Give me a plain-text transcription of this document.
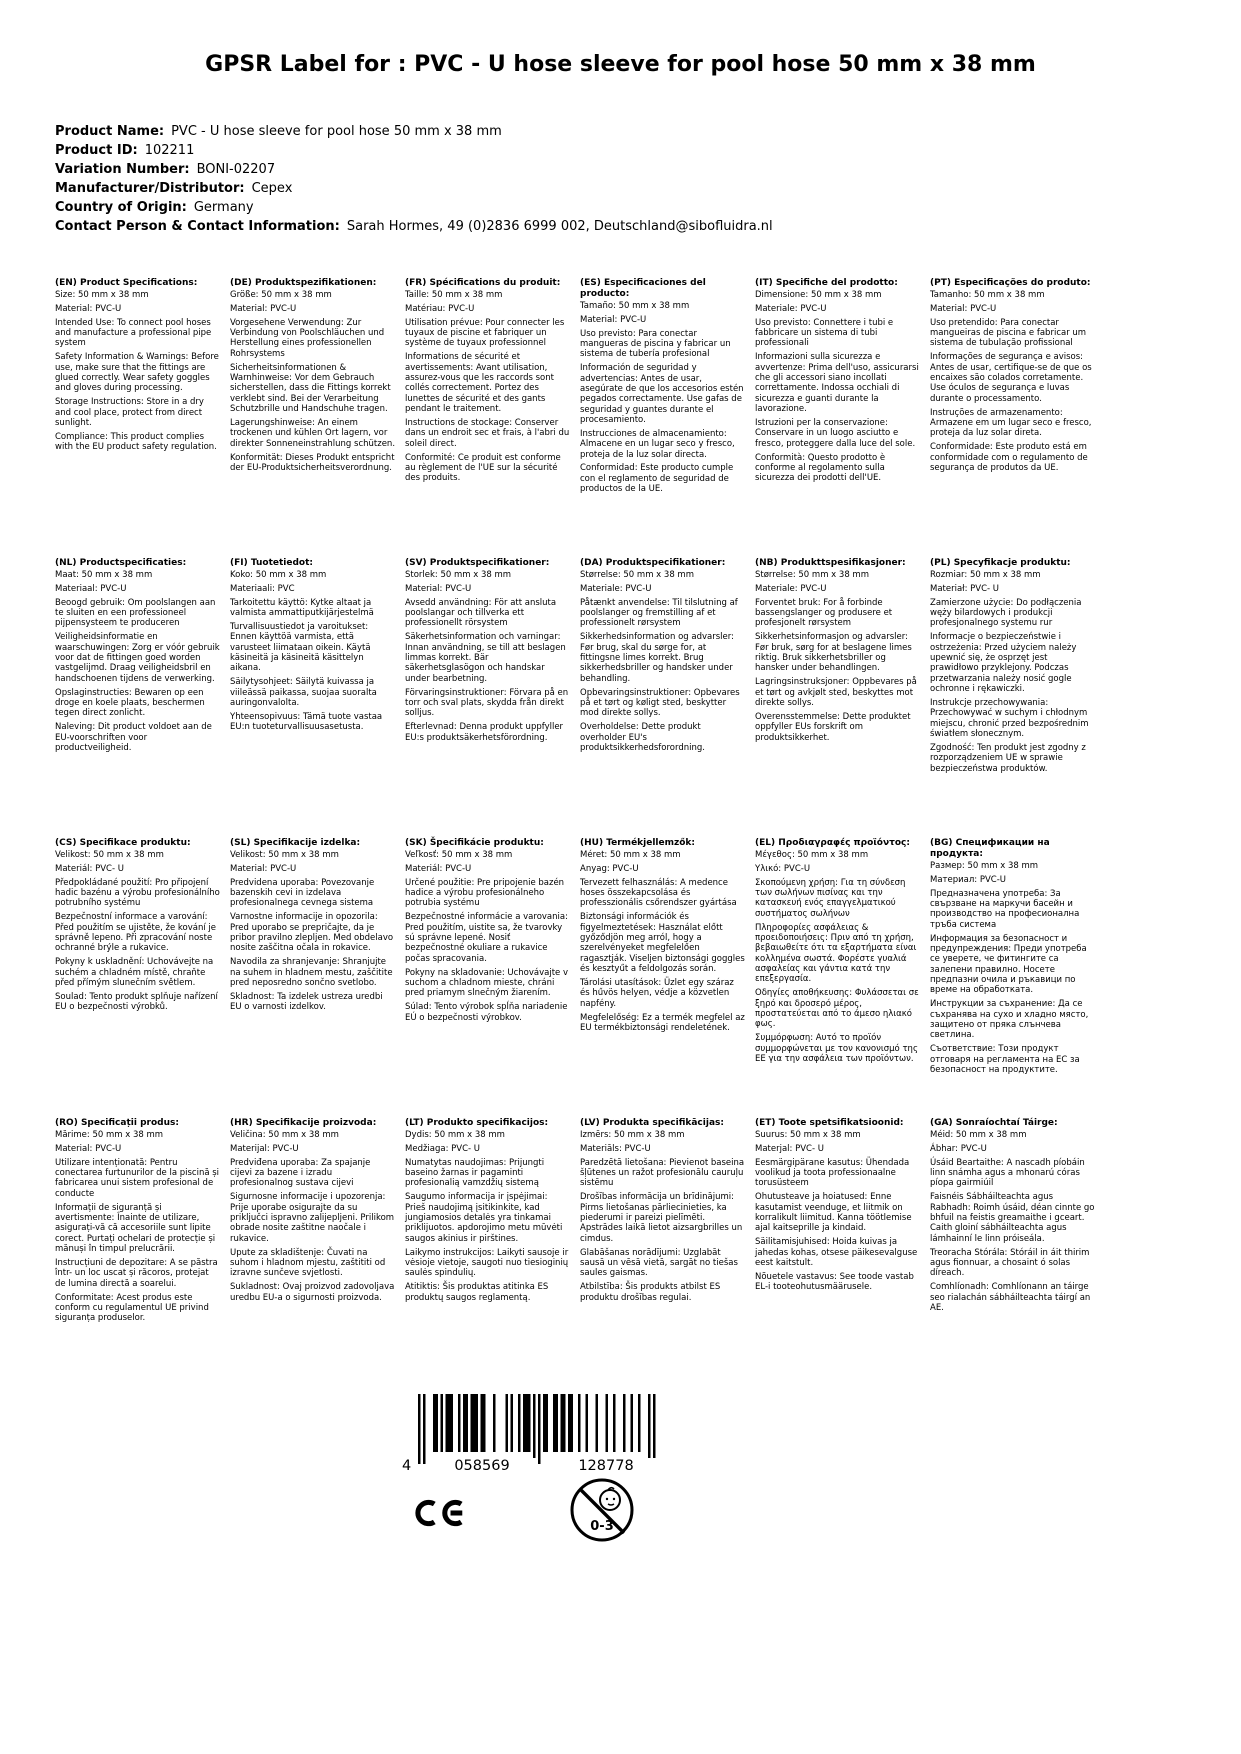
GPSR Label for : PVC - U hose sleeve for pool hose 50 mm x 38 mm
Product Name: PVC - U hose sleeve for pool hose 50 mm x 38 mm
Product ID: 102211
Variation Number: BONI-02207
Manufacturer/Distributor: Cepex
Country of Origin: Germany
Contact Person & Contact Information: Sarah Hormes, 49 (0)2836 6999 002, Deutschland@sibofluidra.nl
(EN) Product Specifications:

Size: 50 mm x 38 mm

Material: PVC-U

Intended Use: To connect pool hoses and manufacture a professional pipe system

Safety Information & Warnings: Before use, make sure that the fittings are glued correctly. Wear safety goggles and gloves during processing.

Storage Instructions: Store in a dry and cool place, protect from direct sunlight.

Compliance: This product complies with the EU product safety regulation.

(DE) Produktspezifikationen:

Größe: 50 mm x 38 mm

Material: PVC-U

Vorgesehene Verwendung: Zur Verbindung von Poolschläuchen und Herstellung eines professionellen Rohrsystems

Sicherheitsinformationen & Warnhinweise: Vor dem Gebrauch sicherstellen, dass die Fittings korrekt verklebt sind. Bei der Verarbeitung Schutzbrille und Handschuhe tragen.

Lagerungshinweise: An einem trockenen und kühlen Ort lagern, vor direkter Sonneneinstrahlung schützen.

Konformität: Dieses Produkt entspricht der EU-Produktsicherheitsverordnung.

(FR) Spécifications du produit:

Taille: 50 mm x 38 mm

Matériau: PVC-U

Utilisation prévue: Pour connecter les tuyaux de piscine et fabriquer un système de tuyaux professionnel

Informations de sécurité et avertissements: Avant utilisation, assurez-vous que les raccords sont collés correctement. Portez des lunettes de sécurité et des gants pendant le traitement.

Instructions de stockage: Conserver dans un endroit sec et frais, à l'abri du soleil direct.

Conformité: Ce produit est conforme au règlement de l'UE sur la sécurité des produits.

(ES) Especificaciones del producto:

Tamaño: 50 mm x 38 mm

Material: PVC-U

Uso previsto: Para conectar mangueras de piscina y fabricar un sistema de tubería profesional

Información de seguridad y advertencias: Antes de usar, asegúrate de que los accesorios estén pegados correctamente. Use gafas de seguridad y guantes durante el procesamiento.

Instrucciones de almacenamiento: Almacene en un lugar seco y fresco, proteja de la luz solar directa.

Conformidad: Este producto cumple con el reglamento de seguridad de productos de la UE.

(IT) Specifiche del prodotto:

Dimensione: 50 mm x 38 mm

Materiale: PVC-U

Uso previsto: Connettere i tubi e fabbricare un sistema di tubi professionali

Informazioni sulla sicurezza e avvertenze: Prima dell'uso, assicurarsi che gli accessori siano incollati correttamente. Indossa occhiali di sicurezza e guanti durante la lavorazione.

Istruzioni per la conservazione: Conservare in un luogo asciutto e fresco, proteggere dalla luce del sole.

Conformità: Questo prodotto è conforme al regolamento sulla sicurezza dei prodotti dell'UE.

(PT) Especificações do produto:

Tamanho: 50 mm x 38 mm

Material: PVC-U

Uso pretendido: Para conectar mangueiras de piscina e fabricar um sistema de tubulação profissional

Informações de segurança e avisos: Antes de usar, certifique-se de que os encaixes são colados corretamente. Use óculos de segurança e luvas durante o processamento.

Instruções de armazenamento: Armazene em um lugar seco e fresco, proteja da luz solar direta.

Conformidade: Este produto está em conformidade com o regulamento de segurança de produtos da UE.

(NL) Productspecificaties:

Maat: 50 mm x 38 mm

Materiaal: PVC-U

Beoogd gebruik: Om poolslangen aan te sluiten en een professioneel pijpensysteem te produceren

Veiligheidsinformatie en waarschuwingen: Zorg er vóór gebruik voor dat de fittingen goed worden vastgelijmd. Draag veiligheidsbril en handschoenen tijdens de verwerking.

Opslaginstructies: Bewaren op een droge en koele plaats, beschermen tegen direct zonlicht.

Naleving: Dit product voldoet aan de EU-voorschriften voor productveiligheid.

(FI) Tuotetiedot:

Koko: 50 mm x 38 mm

Materiaali: PVC

Tarkoitettu käyttö: Kytke altaat ja valmista ammattiputkijärjestelmä

Turvallisuustiedot ja varoitukset: Ennen käyttöä varmista, että varusteet liimataan oikein. Käytä käsineitä ja käsineitä käsittelyn aikana.

Säilytysohjeet: Säilytä kuivassa ja viileässä paikassa, suojaa suoralta auringonvalolta.

Yhteensopivuus: Tämä tuote vastaa EU:n tuoteturvallisuusasetusta.

(SV) Produktspecifikationer:

Storlek: 50 mm x 38 mm

Material: PVC-U

Avsedd användning: För att ansluta poolslangar och tillverka ett professionellt rörsystem

Säkerhetsinformation och varningar: Innan användning, se till att beslagen limmas korrekt. Bär säkerhetsglasögon och handskar under bearbetning.

Förvaringsinstruktioner: Förvara på en torr och sval plats, skydda från direkt solljus.

Efterlevnad: Denna produkt uppfyller EU:s produktsäkerhetsförordning.

(DA) Produktspecifikationer:

Størrelse: 50 mm x 38 mm

Materiale: PVC-U

Påtænkt anvendelse: Til tilslutning af poolslanger og fremstilling af et professionelt rørsystem

Sikkerhedsinformation og advarsler: Før brug, skal du sørge for, at fittingsne limes korrekt. Brug sikkerhedsbriller og handsker under behandling.

Opbevaringsinstruktioner: Opbevares på et tørt og køligt sted, beskytter mod direkte sollys.

Overholdelse: Dette produkt overholder EU's produktsikkerhedsforordning.

(NB) Produkttspesifikasjoner:

Størrelse: 50 mm x 38 mm

Materiale: PVC-U

Forventet bruk: For å forbinde bassengslanger og produsere et profesjonelt rørsystem

Sikkerhetsinformasjon og advarsler: Før bruk, sørg for at beslagene limes riktig. Bruk sikkerhetsbriller og hansker under behandlingen.

Lagringsinstruksjoner: Oppbevares på et tørt og avkjølt sted, beskyttes mot direkte sollys.

Overensstemmelse: Dette produktet oppfyller EUs forskrift om produktsikkerhet.

(PL) Specyfikacje produktu:

Rozmiar: 50 mm x 38 mm

Materiał: PVC- U

Zamierzone użycie: Do podłączenia węży bilardowych i produkcji profesjonalnego systemu rur

Informacje o bezpieczeństwie i ostrzeżenia: Przed użyciem należy upewnić się, że osprzęt jest prawidłowo przyklejony. Podczas przetwarzania należy nosić gogle ochronne i rękawiczki.

Instrukcje przechowywania: Przechowywać w suchym i chłodnym miejscu, chronić przed bezpośrednim światłem słonecznym.

Zgodność: Ten produkt jest zgodny z rozporządzeniem UE w sprawie bezpieczeństwa produktów.

(CS) Specifikace produktu:

Velikost: 50 mm x 38 mm

Materiál: PVC- U

Předpokládané použití: Pro připojení hadic bazénu a výrobu profesionálního potrubního systému

Bezpečnostní informace a varování: Před použitím se ujistěte, že kování je správně lepeno. Při zpracování noste ochranné brýle a rukavice.

Pokyny k uskladnění: Uchovávejte na suchém a chladném místě, chraňte před přímým slunečním světlem.

Soulad: Tento produkt splňuje nařízení EU o bezpečnosti výrobků.

(SL) Specifikacije izdelka:

Velikost: 50 mm x 38 mm

Material: PVC-U

Predvidena uporaba: Povezovanje bazenskih cevi in izdelava profesionalnega cevnega sistema

Varnostne informacije in opozorila: Pred uporabo se prepričajte, da je pribor pravilno zlepljen. Med obdelavo nosite zaščitna očala in rokavice.

Navodila za shranjevanje: Shranjujte na suhem in hladnem mestu, zaščitite pred neposredno sončno svetlobo.

Skladnost: Ta izdelek ustreza uredbi EU o varnosti izdelkov.

(SK) Špecifikácie produktu:

Veľkosť: 50 mm x 38 mm

Materiál: PVC-U

Určené použitie: Pre pripojenie bazén hadice a výrobu profesionálneho potrubia systému

Bezpečnostné informácie a varovania: Pred použitím, uistite sa, že tvarovky sú správne lepené. Nosiť bezpečnostné okuliare a rukavice počas spracovania.

Pokyny na skladovanie: Uchovávajte v suchom a chladnom mieste, chráni pred priamym slnečným žiarením.

Súlad: Tento výrobok spĺňa nariadenie EÚ o bezpečnosti výrobkov.

(HU) Termékjellemzők:

Méret: 50 mm x 38 mm

Anyag: PVC-U

Tervezett felhasználás: A medence hoses összekapcsolása és professzionális csőrendszer gyártása

Biztonsági információk és figyelmeztetések: Használat előtt győződjön meg arról, hogy a szerelvényeket megfelelően ragasztják. Viseljen biztonsági goggles és kesztyűt a feldolgozás során.

Tárolási utasítások: Üzlet egy száraz és hűvös helyen, védje a közvetlen napfény.

Megfelelőség: Ez a termék megfelel az EU termékbiztonsági rendeletének.

(EL) Προδιαγραφές προϊόντος:

Μέγεθος: 50 mm x 38 mm

Υλικό: PVC-U

Σκοπούμενη χρήση: Για τη σύνδεση των σωλήνων πισίνας και την κατασκευή ενός επαγγελματικού συστήματος σωλήνων

Πληροφορίες ασφάλειας & προειδοποιήσεις: Πριν από τη χρήση, βεβαιωθείτε ότι τα εξαρτήματα είναι κολλημένα σωστά. Φορέστε γυαλιά ασφαλείας και γάντια κατά την επεξεργασία.

Οδηγίες αποθήκευσης: Φυλάσσεται σε ξηρό και δροσερό μέρος, προστατεύεται από το άμεσο ηλιακό φως.

Συμμόρφωση: Αυτό το προϊόν συμμορφώνεται με τον κανονισμό της ΕΕ για την ασφάλεια των προϊόντων.

(BG) Спецификации на продукта:

Размер: 50 mm x 38 mm

Материал: PVC-U

Предназначена употреба: За свързване на маркучи басейн и производство на професионална тръба система

Информация за безопасност и предупреждения: Преди употреба се уверете, че фитингите са залепени правилно. Носете предпазни очила и ръкавици по време на обработката.

Инструкции за съхранение: Да се съхранява на сухо и хладно място, защитено от пряка слънчева светлина.

Съответствие: Този продукт отговаря на регламента на ЕС за безопасност на продуктите.

(RO) Specificații produs:

Mărime: 50 mm x 38 mm

Material: PVC-U

Utilizare intenționată: Pentru conectarea furtunurilor de la piscină și fabricarea unui sistem profesional de conducte

Informații de siguranță și avertismente: Înainte de utilizare, asigurați-vă că accesoriile sunt lipite corect. Purtați ochelari de protecție și mănuși în timpul prelucrării.

Instrucțiuni de depozitare: A se păstra într- un loc uscat și răcoros, protejat de lumina directă a soarelui.

Conformitate: Acest produs este conform cu regulamentul UE privind siguranța produselor.

(HR) Specifikacije proizvoda:

Veličina: 50 mm x 38 mm

Materijal: PVC-U

Predviđena uporaba: Za spajanje cijevi za bazene i izradu profesionalnog sustava cijevi

Sigurnosne informacije i upozorenja: Prije uporabe osigurajte da su priključci ispravno zalijepljeni. Prilikom obrade nosite zaštitne naočale i rukavice.

Upute za skladištenje: Čuvati na suhom i hladnom mjestu, zaštititi od izravne sunčeve svjetlosti.

Sukladnost: Ovaj proizvod zadovoljava uredbu EU-a o sigurnosti proizvoda.

(LT) Produkto specifikacijos:

Dydis: 50 mm x 38 mm

Medžiaga: PVC- U

Numatytas naudojimas: Prijungti baseino žarnas ir pagaminti profesionalią vamzdžių sistemą

Saugumo informacija ir įspėjimai: Prieš naudojimą įsitikinkite, kad jungiamosios detalės yra tinkamai priklijuotos. apdorojimo metu mūvėti saugos akinius ir pirštines.

Laikymo instrukcijos: Laikyti sausoje ir vėsioje vietoje, saugoti nuo tiesioginių saulės spindulių.

Atitiktis: Šis produktas atitinka ES produktų saugos reglamentą.

(LV) Produkta specifikācijas:

Izmērs: 50 mm x 38 mm

Materiāls: PVC-U

Paredzētā lietošana: Pievienot baseina šļūtenes un ražot profesionālu cauruļu sistēmu

Drošības informācija un brīdinājumi: Pirms lietošanas pārliecinieties, ka piederumi ir pareizi pielīmēti. Apstrādes laikā lietot aizsargbrilles un cimdus.

Glabāšanas norādījumi: Uzglabāt sausā un vēsā vietā, sargāt no tiešas saules gaismas.

Atbilstība: Šis produkts atbilst ES produktu drošības regulai.

(ET) Toote spetsifikatsioonid:

Suurus: 50 mm x 38 mm

Materjal: PVC- U

Eesmärgipärane kasutus: Ühendada voolikud ja toota professionaalne torusüsteem

Ohutusteave ja hoiatused: Enne kasutamist veenduge, et liitmik on korralikult liimitud. Kanna töötlemise ajal kaitseprille ja kindaid.

Säilitamisjuhised: Hoida kuivas ja jahedas kohas, otsese päikesevalguse eest kaitstult.

Nõuetele vastavus: See toode vastab EL-i tooteohutusmäärusele.

(GA) Sonraíochtaí Táirge:

Méid: 50 mm x 38 mm

Ábhar: PVC-U

Úsáid Beartaithe: A nascadh píobáin linn snámha agus a mhonarú córas píopa gairmiúil

Faisnéis Sábháilteachta agus Rabhadh: Roimh úsáid, déan cinnte go bhfuil na feistis greamaithe i gceart. Caith gloiní sábháilteachta agus lámhainní le linn próiseála.

Treoracha Stórála: Stóráil in áit thirim agus fionnuar, a chosaint ó solas díreach.

Comhlíonadh: Comhlíonann an táirge seo rialachán sábháilteachta táirgí an AE.

4	058569	128778
0-3
